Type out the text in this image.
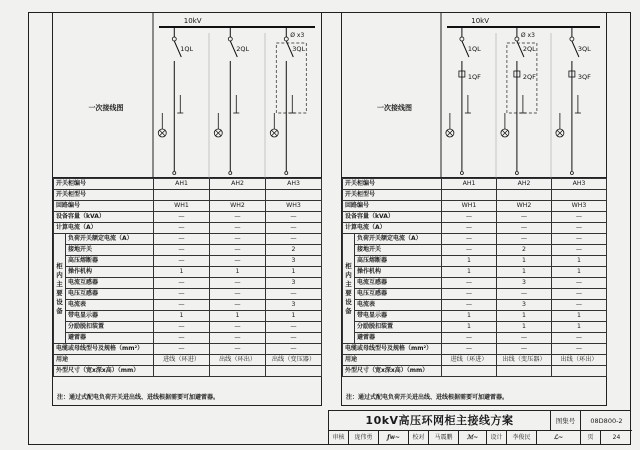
一次接线图
10kV
1QL	2QL	3QL
Ø x3
开关柜编号		AH1	AH2	AH3
开关柜型号				
回路编号		WH1	WH2	WH3
设备容量（kVA）		—	—	—
计算电流（A）		—	—	—
柜内主要设备	负荷开关额定电流（A）	—	—	—
	接地开关	—	—	2
	高压熔断器	—	—	3
	操作机构	1	1	1
	电流互感器	—	—	3
	电压互感器	—	—	—
	电流表	—	—	3
	带电显示器	1	1	1
	分励脱扣装置	—	—	—
	避雷器	—	—	—
电缆或母线型号及规格（mm²）		—	—	—
用途		进线（环进）	出线（环出）	出线（变压器）
外型尺寸（宽x深x高）（mm）				
注：通过式配电负荷开关进出线、进线根据需要可加避雷器。
一次接线图
10kV
1QL
1QF
2QL
2QF
Ø x3
3QL
3QF
开关柜编号		AH1	AH2	AH3
开关柜型号				
回路编号		WH1	WH2	WH3
设备容量（kVA）		—	—	—
计算电流（A）		—	—	—
柜内主要设备	负荷开关额定电流（A）	—	—	—
	接地开关	—	2	—
	高压熔断器	1	1	1
	操作机构	1	1	1
	电流互感器	—	3	—
	电压互感器	—	—	—
	电流表	—	3	—
	带电显示器	1	1	1
	分励脱扣装置	1	1	1
	避雷器	—	—	—
电缆或母线型号及规格（mm²）		—	—	—
用途		进线（环进）	出线（变压器）	出线（环出）
外型尺寸（宽x深x高）（mm）				
注：通过式配电负荷开关进出线、进线根据需要可加避雷器。
10kV高压环网柜主接线方案	图集号	08D800-2
审核	庞伟勇	ƒw~	校对	马震鹏	ℳ~	设计	李俊民	ℒ~	页	24
